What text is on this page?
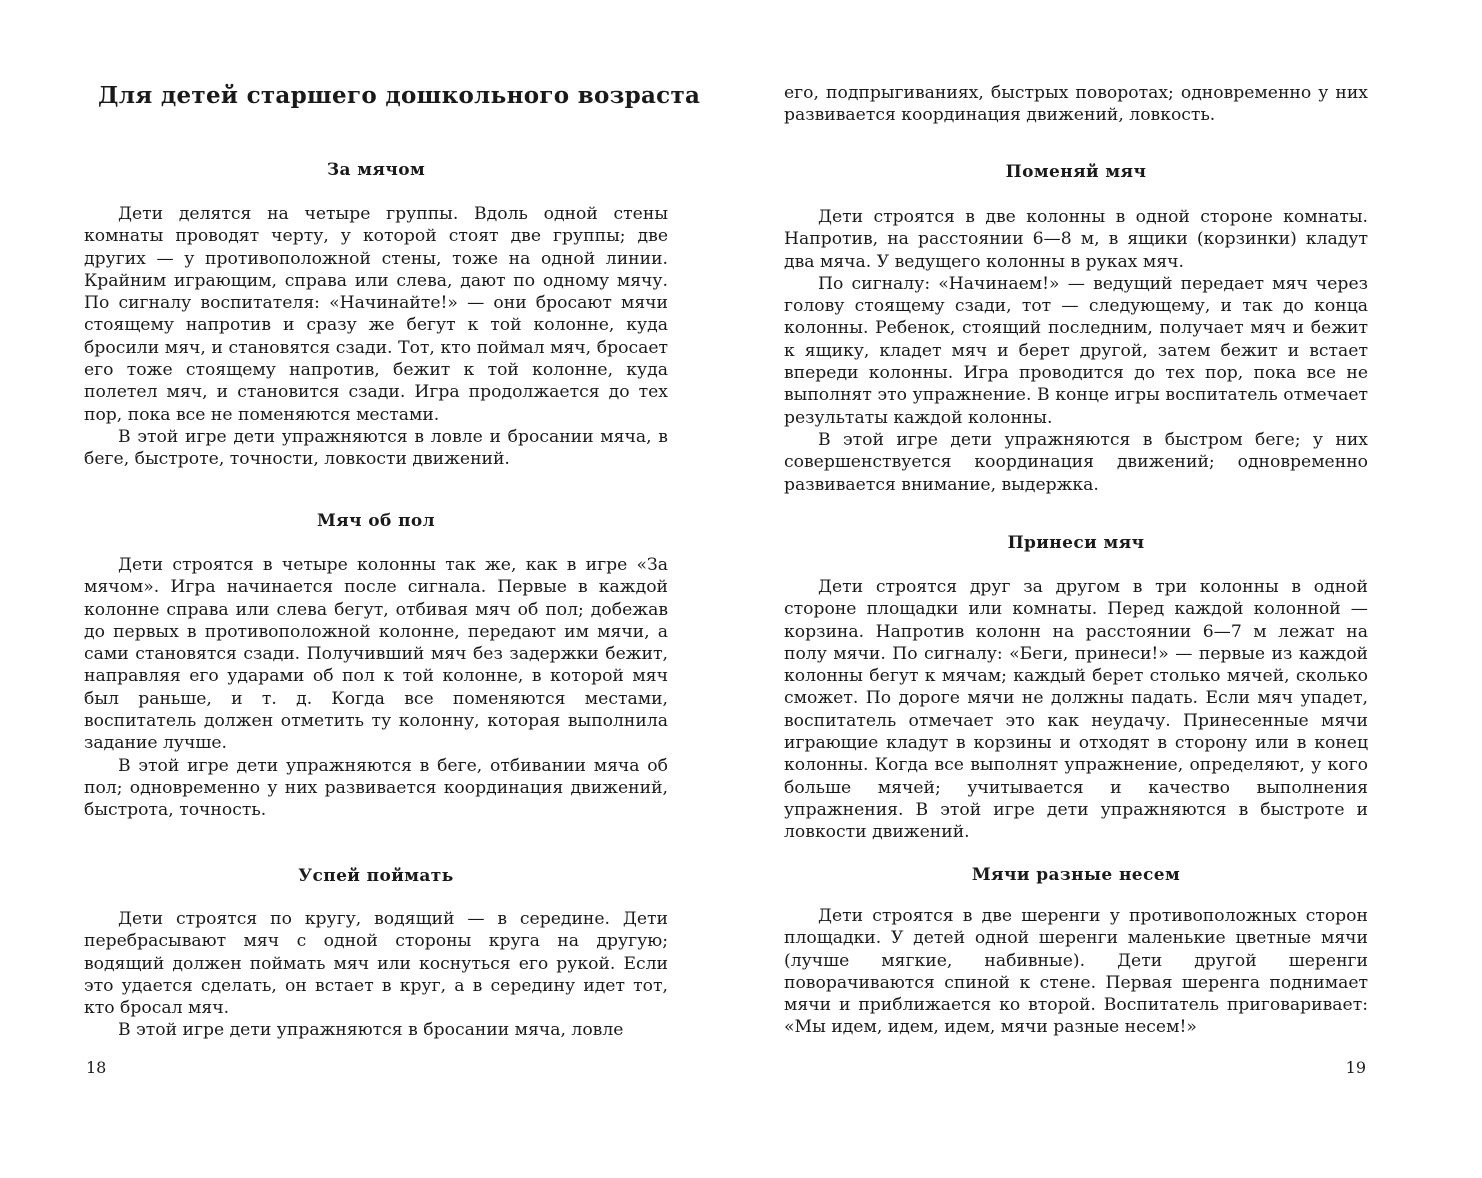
Для детей старшего дошкольного возраста
За мячом

Дети делятся на четыре группы. Вдоль одной стены комнаты проводят черту, у которой стоят две группы; две других — у противоположной стены, тоже на одной линии. Крайним играющим, справа или слева, дают по одному мячу. По сигналу воспитателя: «Начинайте!» — они бросают мячи стоящему напротив и сразу же бегут к той колонне, куда бросили мяч, и становятся сзади. Тот, кто поймал мяч, бросает его тоже стоящему напротив, бежит к той колонне, куда полетел мяч, и становится сзади. Игра продолжается до тех пор, пока все не поменяются местами.

В этой игре дети упражняются в ловле и бросании мяча, в беге, быстроте, точности, ловкости движений.

Мяч об пол

Дети строятся в четыре колонны так же, как в игре «За мячом». Игра начинается после сигнала. Первые в каждой колонне справа или слева бегут, отбивая мяч об пол; добежав до первых в противоположной колонне, передают им мячи, а сами становятся сзади. Получивший мяч без задержки бежит, направляя его ударами об пол к той колонне, в которой мяч был раньше, и т. д. Когда все поменяются местами, воспитатель должен отметить ту колонну, которая выполнила задание лучше.

В этой игре дети упражняются в беге, отбивании мяча об пол; одновременно у них развивается координация движений, быстрота, точность.

Успей поймать

Дети строятся по кругу, водящий — в середине. Дети перебрасывают мяч с одной стороны круга на другую; водящий должен поймать мяч или коснуться его рукой. Если это удается сделать, он встает в круг, а в середину идет тот, кто бросал мяч.

В этой игре дети упражняются в бросании мяча, ловле

18

его, подпрыгиваниях, быстрых поворотах; одновременно у них развивается координация движений, ловкость.

Поменяй мяч

Дети строятся в две колонны в одной стороне комнаты. Напротив, на расстоянии 6—8 м, в ящики (корзинки) кладут два мяча. У ведущего колонны в руках мяч.

По сигналу: «Начинаем!» — ведущий передает мяч через голову стоящему сзади, тот — следующему, и так до конца колонны. Ребенок, стоящий последним, получает мяч и бежит к ящику, кладет мяч и берет другой, затем бежит и встает впереди колонны. Игра проводится до тех пор, пока все не выполнят это упражнение. В конце игры воспитатель отмечает результаты каждой колонны.

В этой игре дети упражняются в быстром беге; у них совершенствуется координация движений; одновременно развивается внимание, выдержка.

Принеси мяч

Дети строятся друг за другом в три колонны в одной стороне площадки или комнаты. Перед каждой колонной — корзина. Напротив колонн на расстоянии 6—7 м лежат на полу мячи. По сигналу: «Беги, принеси!» — первые из каждой колонны бегут к мячам; каждый берет столько мячей, сколько сможет. По дороге мячи не должны падать. Если мяч упадет, воспитатель отмечает это как неудачу. Принесенные мячи играющие кладут в корзины и отходят в сторону или в конец колонны. Когда все выполнят упражнение, определяют, у кого больше мячей; учитывается и качество выполнения упражнения. В этой игре дети упражняются в быстроте и ловкости движений.

Мячи разные несем

Дети строятся в две шеренги у противоположных сторон площадки. У детей одной шеренги маленькие цветные мячи (лучше мягкие, набивные). Дети другой шеренги поворачиваются спиной к стене. Первая шеренга поднимает мячи и приближается ко второй. Воспитатель приговаривает: «Мы идем, идем, идем, мячи разные несем!»

19
